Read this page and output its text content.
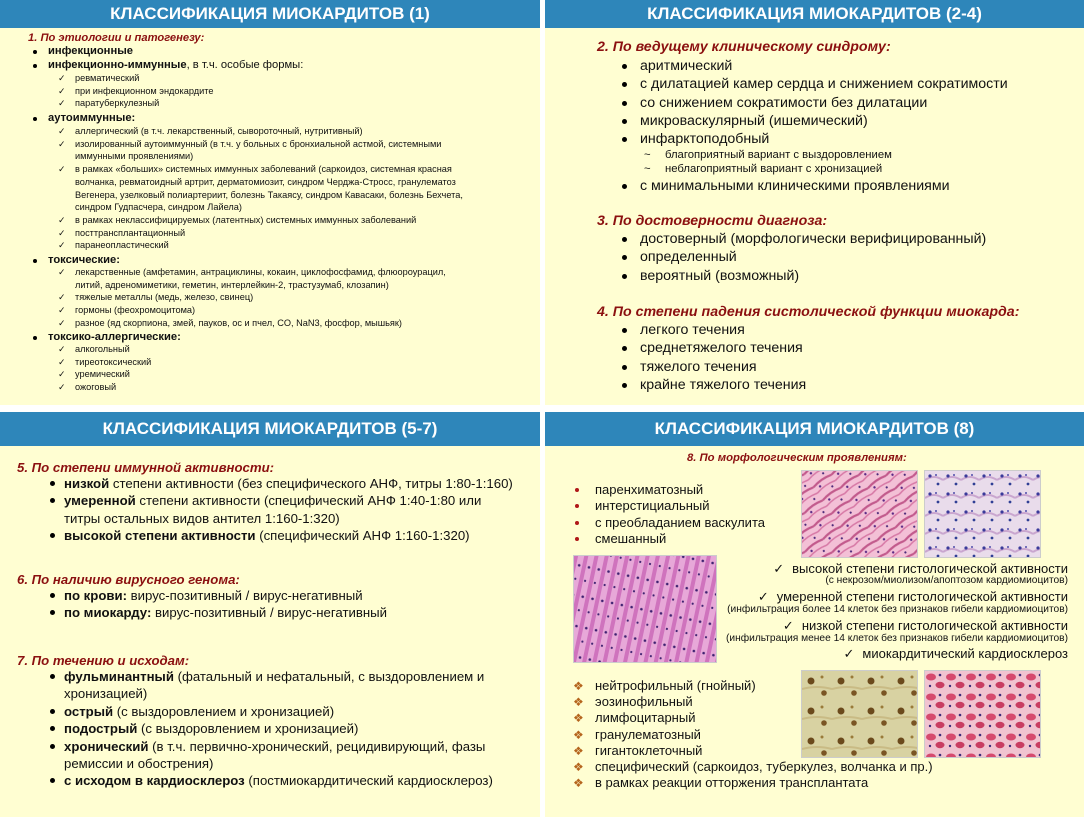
КЛАССИФИКАЦИЯ МИОКАРДИТОВ (1)
1. По этиологии и патогенезу:
инфекционные
инфекционно-иммунные, в т.ч. особые формы:
✓ ревматический
✓ при инфекционном эндокардите
✓ паратуберкулезный
аутоиммунные:
✓ аллергический (в т.ч. лекарственный, сывороточный, нутритивный)
✓ изолированный аутоиммунный (в т.ч. у больных с бронхиальной астмой, системными
иммунными проявлениями)
✓ в рамках «больших» системных иммунных заболеваний (саркоидоз, системная красная
волчанка, ревматоидный артрит, дерматомиозит, синдром Черджа-Стросс, гранулематоз
Вегенера, узелковый полиартериит, болезнь Такаясу, синдром Кавасаки, болезнь Бехчета,
синдром Гудпасчера, синдром Лайела)
✓ в рамках неклассифицируемых (латентных) системных иммунных заболеваний
✓ посттрансплантационный
✓ паранеопластический
токсические:
✓ лекарственные (амфетамин, антрациклины, кокаин, циклофосфамид, флюороурацил,
литий, адреномиметики, геметин, интерлейкин-2, трастузумаб, клозапин)
✓ тяжелые металлы (медь, железо, свинец)
✓ гормоны (феохромоцитома)
✓ разное (яд скорпиона, змей, пауков, ос и пчел, CO, NaN3, фосфор, мышьяк)
токсико-аллергические:
✓ алкогольный
✓ тиреотоксический
✓ уремический
✓ ожоговый
КЛАССИФИКАЦИЯ МИОКАРДИТОВ (2-4)
2. По ведущему клиническому синдрому:
аритмический
с дилатацией камер сердца и снижением сократимости
со снижением сократимости без дилатации
микроваскулярный (ишемический)
инфарктоподобный
~ благоприятный вариант с выздоровлением
~ неблагоприятный вариант с хронизацией
с минимальными клиническими проявлениями
3. По достоверности диагноза:
достоверный (морфологически верифицированный)
определенный
вероятный (возможный)
4. По степени падения систолической функции миокарда:
легкого течения
среднетяжелого течения
тяжелого течения
крайне тяжелого течения
КЛАССИФИКАЦИЯ МИОКАРДИТОВ (5-7)
5. По степени иммунной активности:
низкой степени активности (без специфического АНФ, титры 1:80-1:160)
умеренной степени активности (специфический АНФ 1:40-1:80 или
титры остальных видов антител 1:160-1:320)
высокой степени активности (специфический АНФ 1:160-1:320)
6. По наличию вирусного генома:
по крови: вирус-позитивный / вирус-негативный
по миокарду: вирус-позитивный / вирус-негативный
7. По течению и исходам:
фульминантный (фатальный и нефатальный, с выздоровлением и
хронизацией)
острый (с выздоровлением и хронизацией)
подострый (с выздоровлением и хронизацией)
хронический (в т.ч. первично-хронический, рецидивирующий, фазы
ремиссии и обострения)
с исходом в кардиосклероз (постмиокардитический кардиосклероз)
КЛАССИФИКАЦИЯ МИОКАРДИТОВ (8)
8. По морфологическим проявлениям:
паренхиматозный
интерстициальный
с преобладанием васкулита
смешанный
✓ высокой степени гистологической активности
(с некрозом/миолизом/апоптозом кардиомиоцитов)
✓ умеренной степени гистологической активности
(инфильтрация более 14 клеток без признаков гибели кардиомиоцитов)
✓ низкой степени гистологической активности
(инфильтрация менее 14 клеток без признаков гибели кардиомиоцитов)
✓ миокардитический кардиосклероз
❖ нейтрофильный (гнойный)
❖ эозинофильный
❖ лимфоцитарный
❖ гранулематозный
❖ гигантоклеточный
❖ специфический (саркоидоз, туберкулез, волчанка и пр.)
❖ в рамках реакции отторжения трансплантата
